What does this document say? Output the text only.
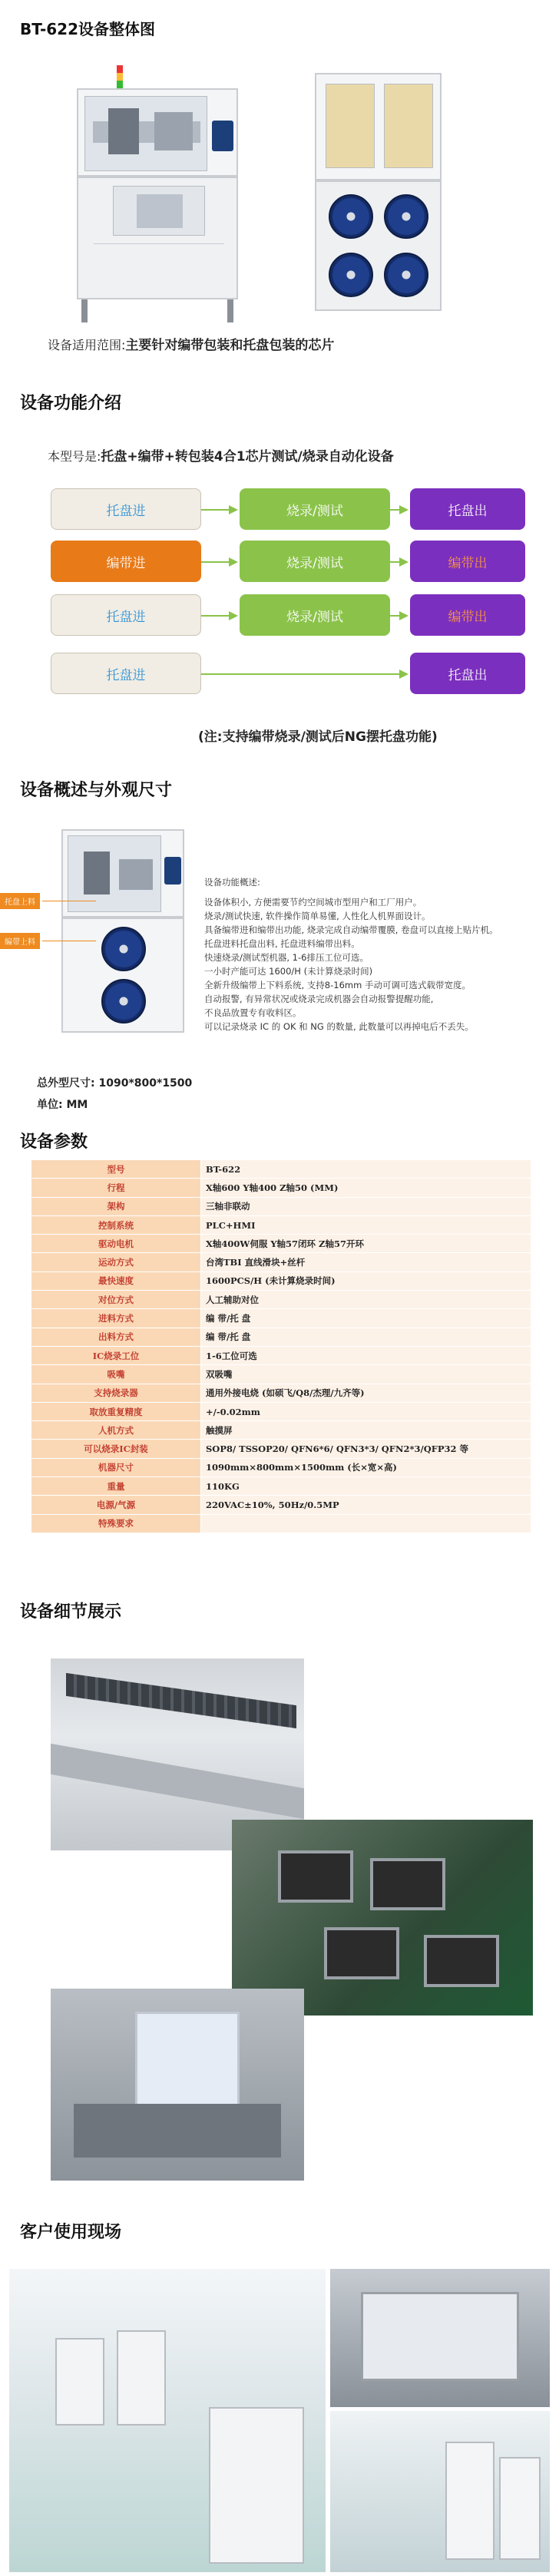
BT-622设备整体图
设备适用范围:主要针对编带包装和托盘包装的芯片
设备功能介绍
本型号是:托盘+编带+转包装4合1芯片测试/烧录自动化设备
托盘进	烧录/测试	托盘出
编带进	烧录/测试	编带出
托盘进	烧录/测试	编带出
托盘进	托盘出
(注:支持编带烧录/测试后NG摆托盘功能)
设备概述与外观尺寸
托盘上料
编带上料
设备功能概述:
设备体积小, 方便需要节约空间城市型用户和工厂用户。
烧录/测试快速, 软件操作简单易懂, 人性化人机界面设计。
具备编带进和编带出功能, 烧录完成自动编带覆膜, 卷盘可以直接上贴片机。
托盘进料托盘出料, 托盘进料编带出料。
快速烧录/测试型机器, 1-6排压工位可选。
一小时产能可达 1600/H (未计算烧录时间)
全新升级编带上下料系统, 支持8-16mm 手动可调可选式载带宽度。
自动报警, 有异常状况或烧录完成机器会自动报警提醒功能,
不良品放置专有收料区。
可以记录烧录 IC 的 OK 和 NG 的数量, 此数量可以再掉电后不丢失。
总外型尺寸: 1090*800*1500
单位: MM
设备参数
型号	BT-622
行程	X轴600 Y轴400 Z轴50 (MM)
架构	三轴非联动
控制系统	PLC+HMI
驱动电机	X轴400W伺服 Y轴57闭环 Z轴57开环
运动方式	台湾TBI 直线滑块+丝杆
最快速度	1600PCS/H (未计算烧录时间)
对位方式	人工辅助对位
进料方式	编 带/托 盘
出料方式	编 带/托 盘
IC烧录工位	1-6工位可选
吸嘴	双吸嘴
支持烧录器	通用外接电烧 (如硕飞/Q8/杰理/九齐等)
取放重复精度	+/-0.02mm
人机方式	触摸屏
可以烧录IC封装	SOP8/ TSSOP20/ QFN6*6/ QFN3*3/ QFN2*3/QFP32 等
机器尺寸	1090mm×800mm×1500mm (长×宽×高)
重量	110KG
电源/气源	220VAC±10%, 50Hz/0.5MP
特殊要求	
设备细节展示
客户使用现场
